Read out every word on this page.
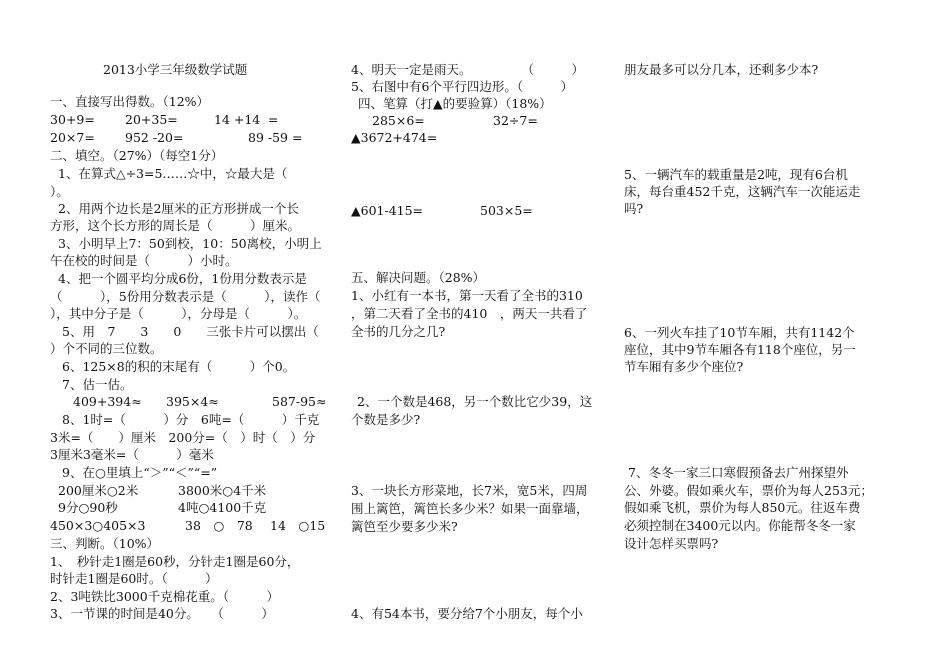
2013小学三年级数学试题
一、直接写出得数。（12%）
30+9= 20+35=	14 +14 =
20×7= 952 -20=	89 -59 =
二、填空。（27%）（每空1分）
1、在算式△÷3=5……☆中，☆最大是（
）。
2、用两个边长是2厘米的正方形拼成一个长
方形，这个长方形的周长是（　　　）厘米。
3、小明早上7：50到校，10：50离校，小明上
午在校的时间是（　　　）小时。
4、把一个圆平均分成6份，1份用分数表示是
（　　　），5份用分数表示是（　　　），读作（
），其中分子是（　　　），分母是（　　　）。
5、用　7　　3　　0　　三张卡片可以摆出（
）个不同的三位数。
6、125×8的积的末尾有（　　　）个0。
7、估一估。
409+394≈ 395×4≈	587-95≈
8、1时=（　　　）分　6吨=（　　　）千克
3米=（　　）厘米　200分=（　）时（　）分
3厘米3毫米=（　　　）毫米
9、在○里填上“＞”“＜”“=”
200厘米○2米	3800米○4千米
9分○90秒	4吨○4100千克
450×3○405×3	38　○　78 14　○15
三、判断。（10%）
1、　秒针走1圈是60秒，分针走1圈是60分，
时针走1圈是60时。（　　　）
2、3吨铁比3000千克棉花重。（　　　）
3、一节课的时间是40分。　　（　　　）
4、明天一定是雨天。　　　　　（　　　）
5、右图中有6个平行四边形。（　　　）
四、笔算（打▲的要验算）（18%）
285×6=	32÷7=
▲3672+474=
▲601-415=	503×5=
五、解决问题。（28%）
1、小红有一本书，第一天看了全书的310
，第二天看了全书的410　，两天一共看了
全书的几分之几?
2、一个数是468，另一个数比它少39，这
个数是多少?
3、一块长方形菜地，长7米，宽5米，四周
围上篱笆，篱笆长多少米？如果一面靠墙，
篱笆至少要多少米?
4、有54本书，要分给7个小朋友，每个小
朋友最多可以分几本，还剩多少本?
5、一辆汽车的载重量是2吨，现有6台机
床，每台重452千克，这辆汽车一次能运走
吗?
6、一列火车挂了10节车厢，共有1142个
座位，其中9节车厢各有118个座位，另一
节车厢有多少个座位?
7、冬冬一家三口寒假预备去广州探望外
公、外婆。假如乘火车，票价为每人253元；
假如乘飞机，票价为每人850元。往返车费
必须控制在3400元以内。你能帮冬冬一家
设计怎样买票吗?
